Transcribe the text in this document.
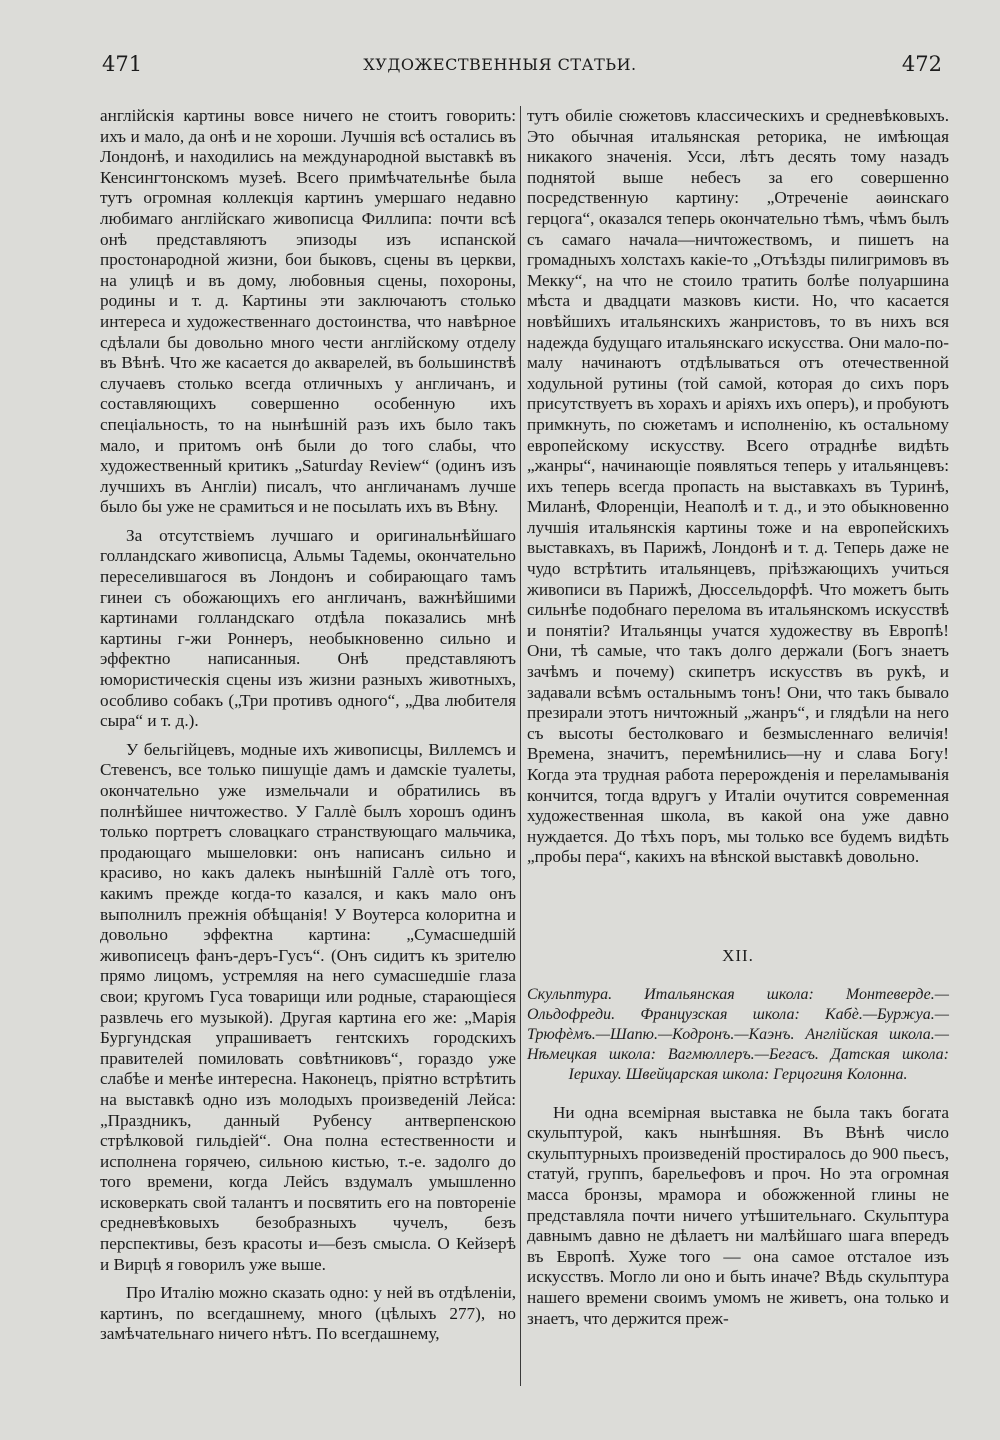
471	ХУДОЖЕСТВЕННЫЯ СТАТЬИ.	472

англійскія картины вовсе ничего не стоитъ говорить: ихъ и мало, да онѣ и не хороши. Лучшія всѣ остались въ Лондонѣ, и находились на международной выставкѣ въ Кенсингтонскомъ музеѣ. Всего примѣчательнѣе была тутъ огромная коллекція картинъ умершаго недавно любимаго англійскаго живописца Филлипа: почти всѣ онѣ представляютъ эпизоды изъ испанской простонародной жизни, бои быковъ, сцены въ церкви, на улицѣ и въ дому, любовныя сцены, похороны, родины и т. д. Картины эти заключаютъ столько интереса и художественнаго достоинства, что навѣрное сдѣлали бы довольно много чести англійскому отделу въ Вѣнѣ. Что же касается до акварелей, въ большинствѣ случаевъ столько всегда отличныхъ у англичанъ, и составляющихъ совершенно особенную ихъ спеціальность, то на нынѣшній разъ ихъ было такъ мало, и притомъ онѣ были до того слабы, что художественный критикъ „Saturday Review“ (одинъ изъ лучшихъ въ Англіи) писалъ, что англичанамъ лучше было бы уже не срамиться и не посылать ихъ въ Вѣну.

За отсутствіемъ лучшаго и оригинальнѣйшаго голландскаго живописца, Альмы Тадемы, окончательно переселившагося въ Лондонъ и собирающаго тамъ гинеи съ обожающихъ его англичанъ, важнѣйшими картинами голландскаго отдѣла показались мнѣ картины г-жи Роннеръ, необыкновенно сильно и эффектно написанныя. Онѣ представляютъ юмористическія сцены изъ жизни разныхъ животныхъ, особливо собакъ („Три противъ одного“, „Два любителя сыра“ и т. д.).

У бельгійцевъ, модные ихъ живописцы, Виллемсъ и Стевенсъ, все только пишущіе дамъ и дамскіе туалеты, окончательно уже измельчали и обратились въ полнѣйшее ничтожество. У Галлѐ былъ хорошъ одинъ только портретъ словацкаго странствующаго мальчика, продающаго мышеловки: онъ написанъ сильно и красиво, но какъ далекъ нынѣшній Галлѐ отъ того, какимъ прежде когда-то казался, и какъ мало онъ выполнилъ прежнія обѣщанія! У Воутерса колоритна и довольно эффектна картина: „Сумасшедшій живописецъ фанъ-деръ-Гусъ“. (Онъ сидитъ къ зрителю прямо лицомъ, устремляя на него сумасшедшіе глаза свои; кругомъ Гуса товарищи или родные, старающіеся развлечь его музыкой). Другая картина его же: „Марія Бургундская упрашиваетъ гентскихъ городскихъ правителей помиловать совѣтниковъ“, гораздо уже слабѣе и менѣе интересна. Наконецъ, пріятно встрѣтить на выставкѣ одно изъ молодыхъ произведеній Лейса: „Праздникъ, данный Рубенсу антверпенскою стрѣлковой гильдіей“. Она полна естественности и исполнена горячею, сильною кистью, т.-е. задолго до того времени, когда Лейсъ вздумалъ умышленно исковеркать свой талантъ и посвятить его на повтореніе средневѣковыхъ безобразныхъ чучелъ, безъ перспективы, безъ красоты и—безъ смысла. О Кейзерѣ и Вирцѣ я говорилъ уже выше.

Про Италію можно сказать одно: у ней въ отдѣленіи, картинъ, по всегдашнему, много (цѣлыхъ 277), но замѣчательнаго ничего нѣтъ. По всегдашнему,

тутъ обиліе сюжетовъ классическихъ и средневѣковыхъ. Это обычная итальянская реторика, не имѣющая никакого значенія. Усси, лѣтъ десять тому назадъ поднятой выше небесъ за его совершенно посредственную картину: „Отреченіе аѳинскаго герцога“, оказался теперь окончательно тѣмъ, чѣмъ былъ съ самаго начала—ничтожествомъ, и пишетъ на громадныхъ холстахъ какіе-то „Отъѣзды пилигримовъ въ Мекку“, на что не стоило тратить болѣе полуаршина мѣста и двадцати мазковъ кисти. Но, что касается новѣйшихъ итальянскихъ жанристовъ, то въ нихъ вся надежда будущаго итальянскаго искусства. Они мало-по-малу начинаютъ отдѣлываться отъ отечественной ходульной рутины (той самой, которая до сихъ поръ присутствуетъ въ хорахъ и аріяхъ ихъ оперъ), и пробуютъ примкнуть, по сюжетамъ и исполненію, къ остальному европейскому искусству. Всего отраднѣе видѣть „жанры“, начинающіе появляться теперь у итальянцевъ: ихъ теперь всегда пропасть на выставкахъ въ Туринѣ, Миланѣ, Флоренціи, Неаполѣ и т. д., и это обыкновенно лучшія итальянскія картины тоже и на европейскихъ выставкахъ, въ Парижѣ, Лондонѣ и т. д. Теперь даже не чудо встрѣтить итальянцевъ, пріѣзжающихъ учиться живописи въ Парижѣ, Дюссельдорфѣ. Что можетъ быть сильнѣе подобнаго перелома въ итальянскомъ искусствѣ и понятіи? Итальянцы учатся художеству въ Европѣ! Они, тѣ самые, что такъ долго держали (Богъ знаетъ зачѣмъ и почему) скипетръ искусствъ въ рукѣ, и задавали всѣмъ остальнымъ тонъ! Они, что такъ бывало презирали этотъ ничтожный „жанръ“, и глядѣли на него съ высоты бестолковаго и безмысленнаго величія! Времена, значитъ, перемѣнились—ну и слава Богу! Когда эта трудная работа перерожденія и переламыванія кончится, тогда вдругъ у Италіи очутится современная художественная школа, въ какой она уже давно нуждается. До тѣхъ поръ, мы только все будемъ видѣть „пробы пера“, какихъ на вѣнской выставкѣ довольно.

XII.
Скульптура. Итальянская школа: Монтеверде.—Ольдофреди. Французская школа: Кабѐ.—Буржуа.—Трюфѐмъ.—Шапю.—Кодронъ.—Каэнъ. Англійская школа.—Нѣмецкая школа: Вагмюллеръ.—Бегасъ. Датская школа: Іерихау. Швейцарская школа: Герцогиня Колонна.

Ни одна всемірная выставка не была такъ богата скульптурой, какъ нынѣшняя. Въ Вѣнѣ число скульптурныхъ произведеній простиралось до 900 пьесъ, статуй, группъ, барельефовъ и проч. Но эта огромная масса бронзы, мрамора и обожженной глины не представляла почти ничего утѣшительнаго. Скульптура давнымъ давно не дѣлаетъ ни малѣйшаго шага впередъ въ Европѣ. Хуже того — она самое отсталое изъ искусствъ. Могло ли оно и быть иначе? Вѣдь скульптура нашего времени своимъ умомъ не живетъ, она только и знаетъ, что держится преж-
